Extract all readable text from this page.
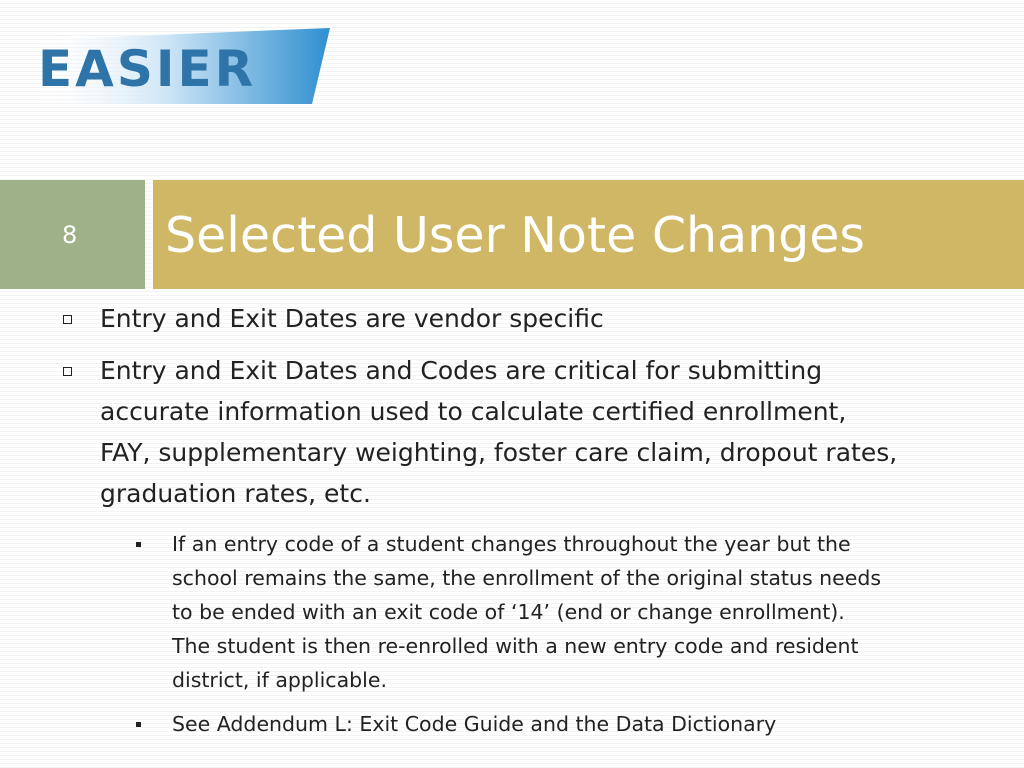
EASIER
8 Selected User Note Changes
Entry and Exit Dates are vendor specific
Entry and Exit Dates and Codes are critical for submitting
accurate information used to calculate certified enrollment,
FAY, supplementary weighting, foster care claim, dropout rates,
graduation rates, etc.
If an entry code of a student changes throughout the year but the
school remains the same, the enrollment of the original status needs
to be ended with an exit code of ‘14’ (end or change enrollment).
The student is then re-enrolled with a new entry code and resident
district, if applicable.
See Addendum L: Exit Code Guide and the Data Dictionary
